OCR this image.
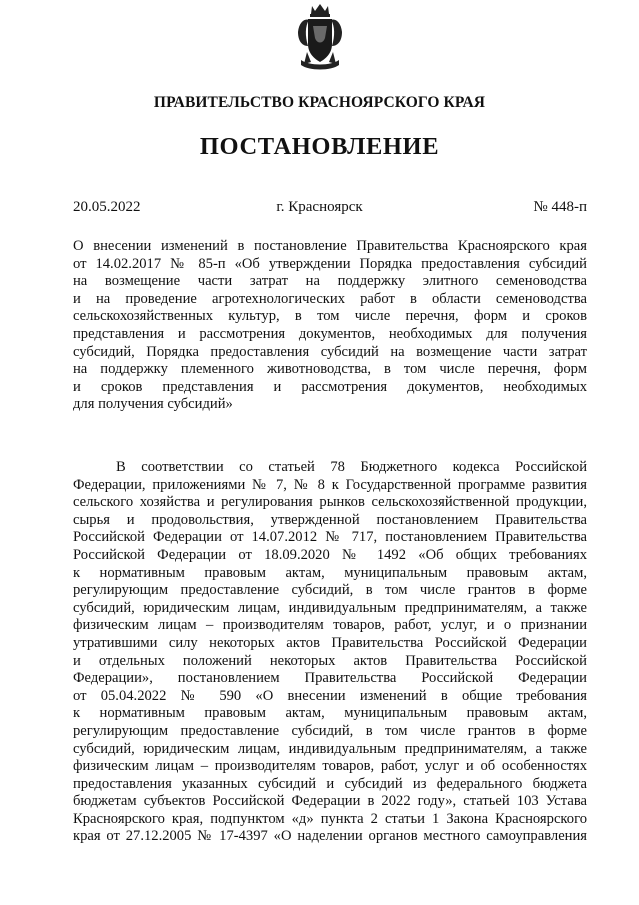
ПРАВИТЕЛЬСТВО КРАСНОЯРСКОГО КРАЯ
ПОСТАНОВЛЕНИЕ
20.05.2022	г. Красноярск	№ 448-п
О внесении изменений в постановление Правительства Красноярского края
от 14.02.2017 № 85-п «Об утверждении Порядка предоставления субсидий
на возмещение части затрат на поддержку элитного семеноводства
и на проведение агротехнологических работ в области семеноводства
сельскохозяйственных культур, в том числе перечня, форм и сроков
представления и рассмотрения документов, необходимых для получения
субсидий, Порядка предоставления субсидий на возмещение части затрат
на поддержку племенного животноводства, в том числе перечня, форм
и сроков представления и рассмотрения документов, необходимых
для получения субсидий»
В соответствии со статьей 78 Бюджетного кодекса Российской
Федерации, приложениями № 7, № 8 к Государственной программе развития
сельского хозяйства и регулирования рынков сельскохозяйственной продукции,
сырья и продовольствия, утвержденной постановлением Правительства
Российской Федерации от 14.07.2012 № 717, постановлением Правительства
Российской Федерации от 18.09.2020 № 1492 «Об общих требованиях
к нормативным правовым актам, муниципальным правовым актам,
регулирующим предоставление субсидий, в том числе грантов в форме
субсидий, юридическим лицам, индивидуальным предпринимателям, а также
физическим лицам – производителям товаров, работ, услуг, и о признании
утратившими силу некоторых актов Правительства Российской Федерации
и отдельных положений некоторых актов Правительства Российской
Федерации», постановлением Правительства Российской Федерации
от 05.04.2022 № 590 «О внесении изменений в общие требования
к нормативным правовым актам, муниципальным правовым актам,
регулирующим предоставление субсидий, в том числе грантов в форме
субсидий, юридическим лицам, индивидуальным предпринимателям, а также
физическим лицам – производителям товаров, работ, услуг и об особенностях
предоставления указанных субсидий и субсидий из федерального бюджета
бюджетам субъектов Российской Федерации в 2022 году», статьей 103 Устава
Красноярского края, подпунктом «д» пункта 2 статьи 1 Закона Красноярского
края от 27.12.2005 № 17-4397 «О наделении органов местного самоуправления
